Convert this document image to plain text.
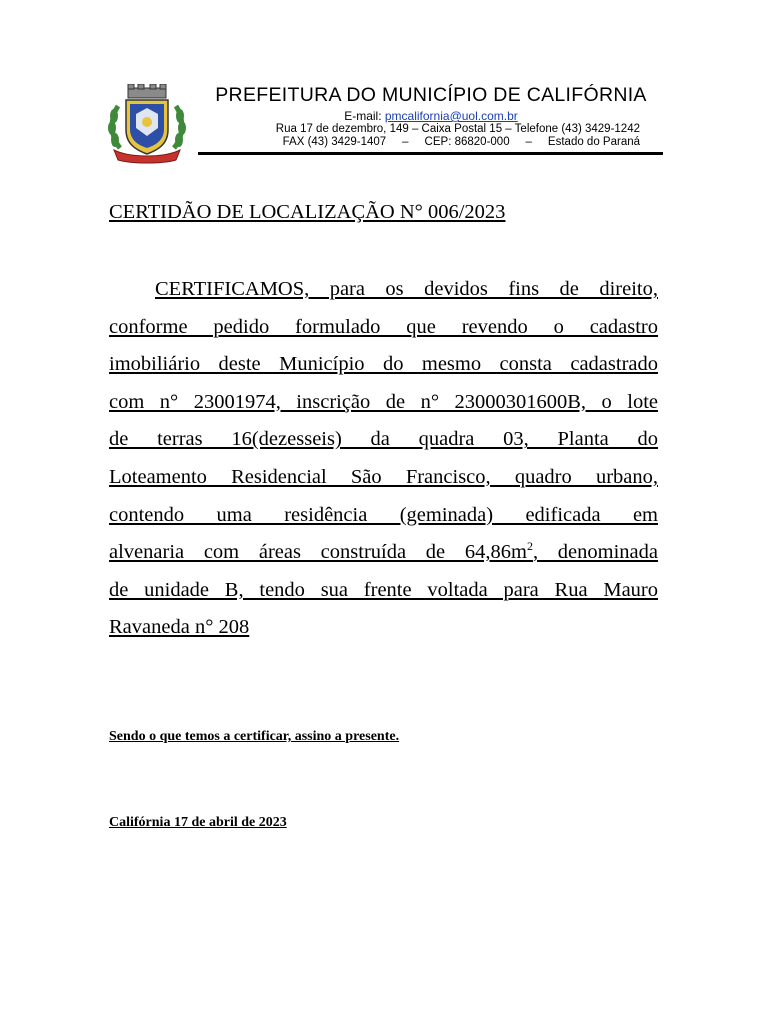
PREFEITURA DO MUNICÍPIO DE CALIFÓRNIA
E-mail: pmcalifornia@uol.com.br
Rua 17 de dezembro, 149 – Caixa Postal 15 – Telefone (43) 3429-1242
FAX (43) 3429-1407     –     CEP: 86820-000     –     Estado do Paraná
CERTIDÃO DE LOCALIZAÇÃO N° 006/2023
CERTIFICAMOS, para os devidos fins de direito,
conforme pedido formulado que revendo o cadastro
imobiliário deste Município do mesmo consta cadastrado
com n° 23001974, inscrição de n° 23000301600B, o lote
de terras 16(dezesseis) da quadra 03, Planta do
Loteamento Residencial São Francisco, quadro urbano,
contendo uma residência (geminada) edificada em
alvenaria com áreas construída de $64,86m^2$, denominada
de unidade B, tendo sua frente voltada para Rua Mauro
Ravaneda n° 208
Sendo o que temos a certificar, assino a presente.
Califórnia 17 de abril de 2023
